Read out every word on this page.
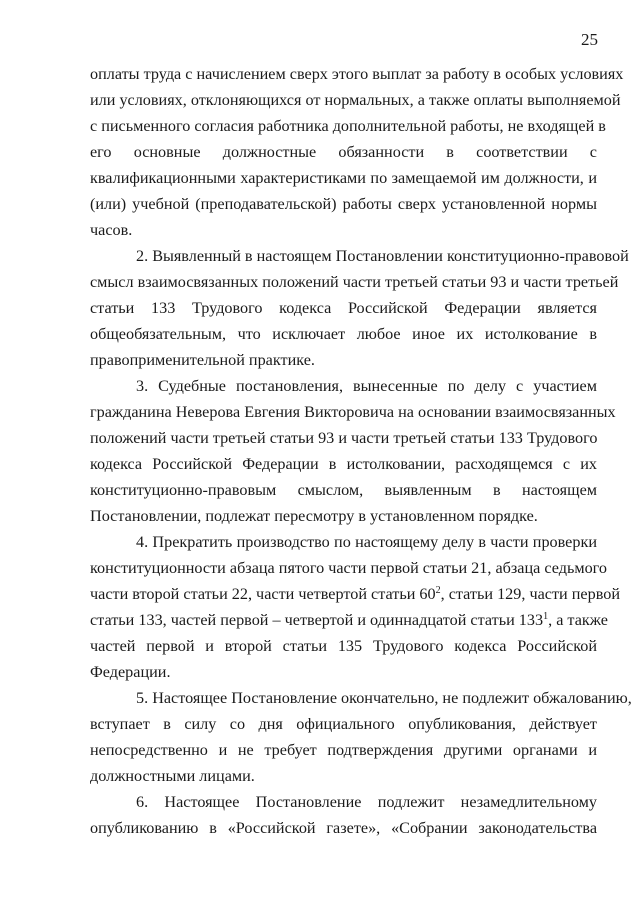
25
оплаты труда с начислением сверх этого выплат за работу в особых условиях
или условиях, отклоняющихся от нормальных, а также оплаты выполняемой
с письменного согласия работника дополнительной работы, не входящей в
его основные должностные обязанности в соответствии с
квалификационными характеристиками по замещаемой им должности, и
(или) учебной (преподавательской) работы сверх установленной нормы
часов.
2. Выявленный в настоящем Постановлении конституционно-правовой
смысл взаимосвязанных положений части третьей статьи 93 и части третьей
статьи 133 Трудового кодекса Российской Федерации является
общеобязательным, что исключает любое иное их истолкование в
правоприменительной практике.
3. Судебные постановления, вынесенные по делу с участием
гражданина Неверова Евгения Викторовича на основании взаимосвязанных
положений части третьей статьи 93 и части третьей статьи 133 Трудового
кодекса Российской Федерации в истолковании, расходящемся с их
конституционно-правовым смыслом, выявленным в настоящем
Постановлении, подлежат пересмотру в установленном порядке.
4. Прекратить производство по настоящему делу в части проверки
конституционности абзаца пятого части первой статьи 21, абзаца седьмого
части второй статьи 22, части четвертой статьи $60^2$, статьи 129, части первой
статьи 133, частей первой – четвертой и одиннадцатой статьи $133^1$, а также
частей первой и второй статьи 135 Трудового кодекса Российской
Федерации.
5. Настоящее Постановление окончательно, не подлежит обжалованию,
вступает в силу со дня официального опубликования, действует
непосредственно и не требует подтверждения другими органами и
должностными лицами.
6. Настоящее Постановление подлежит незамедлительному
опубликованию в «Российской газете», «Собрании законодательства
